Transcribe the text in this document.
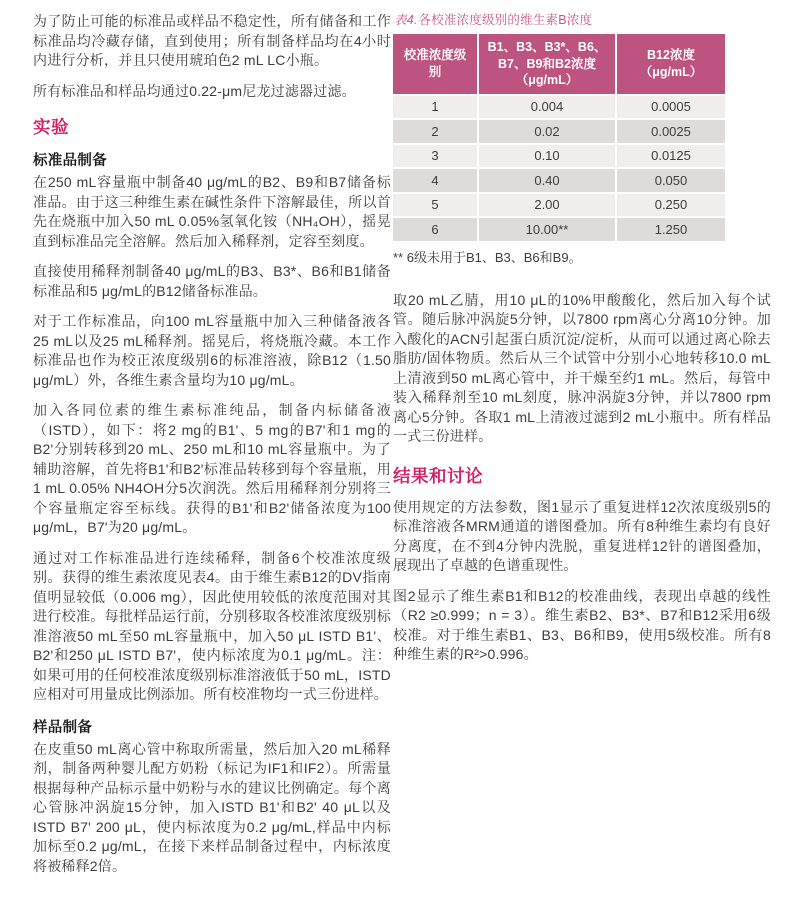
为了防止可能的标准品或样品不稳定性，所有储备和工作标准品均冷藏存储，直到使用；所有制备样品均在4小时内进行分析，并且只使用琥珀色2 mL LC小瓶。

所有标准品和样品均通过0.22-μm尼龙过滤器过滤。

实验
标准品制备

在250 mL容量瓶中制备40 μg/mL的B2、B9和B7储备标准品。由于这三种维生素在碱性条件下溶解最佳，所以首先在烧瓶中加入50 mL 0.05%氢氧化铵（NH₄OH），摇晃直到标准品完全溶解。然后加入稀释剂，定容至刻度。

直接使用稀释剂制备40 μg/mL的B3、B3*、B6和B1储备标准品和5 μg/mL的B12储备标准品。

对于工作标准品，向100 mL容量瓶中加入三种储备液各25 mL以及25 mL稀释剂。摇晃后，将烧瓶冷藏。本工作标准品也作为校正浓度级别6的标准溶液，除B12（1.50 μg/mL）外，各维生素含量均为10 μg/mL。

加入各同位素的维生素标准纯品，制备内标储备液（ISTD），如下：将2 mg的B1'、5 mg的B7'和1 mg的B2'分别转移到20 mL、250 mL和10 mL容量瓶中。为了辅助溶解，首先将B1'和B2'标准品转移到每个容量瓶，用1 mL 0.05% NH4OH分5次润洗。然后用稀释剂分别将三个容量瓶定容至标线。获得的B1'和B2'储备浓度为100 μg/mL，B7'为20 μg/mL。

通过对工作标准品进行连续稀释，制备6个校准浓度级别。获得的维生素浓度见表4。由于维生素B12的DV指南值明显较低（0.006 mg），因此使用较低的浓度范围对其进行校准。每批样品运行前，分别移取各校准浓度级别标准溶液50 mL至50 mL容量瓶中，加入50 μL ISTD B1'、B2'和250 μL ISTD B7'，使内标浓度为0.1 μg/mL。注：如果可用的任何校准浓度级别标准溶液低于50 mL，ISTD应相对可用量成比例添加。所有校准物均一式三份进样。

样品制备

在皮重50 mL离心管中称取所需量，然后加入20 mL稀释剂，制备两种婴儿配方奶粉（标记为IF1和IF2）。所需量根据每种产品标示量中奶粉与水的建议比例确定。每个离心管脉冲涡旋15分钟，加入ISTD B1'和B2' 40 μL以及ISTD B7' 200 μL，使内标浓度为0.2 μg/mL,样品中内标加标至0.2 μg/mL，在接下来样品制备过程中，内标浓度将被稀释2倍。

表4.各校准浓度级别的维生素B浓度
校准浓度级别	B1、B3、B3*、B6、B7、B9和B2浓度（μg/mL）	B12浓度（μg/mL）
1	0.004	0.0005
2	0.02	0.0025
3	0.10	0.0125
4	0.40	0.050
5	2.00	0.250
6	10.00**	1.250

** 6级未用于B1、B3、B6和B9。

取20 mL乙腈，用10 μL的10%甲酸酸化，然后加入每个试管。随后脉冲涡旋5分钟，以7800 rpm离心分离10分钟。加入酸化的ACN引起蛋白质沉淀/淀析，从而可以通过离心除去脂肪/固体物质。然后从三个试管中分别小心地转移10.0 mL上清液到50 mL离心管中，并干燥至约1 mL。然后，每管中装入稀释剂至10 mL刻度，脉冲涡旋3分钟，并以7800 rpm离心5分钟。各取1 mL上清液过滤到2 mL小瓶中。所有样品一式三份进样。

结果和讨论

使用规定的方法参数，图1显示了重复进样12次浓度级别5的标准溶液各MRM通道的谱图叠加。所有8种维生素均有良好分离度，在不到4分钟内洗脱，重复进样12针的谱图叠加，展现出了卓越的色谱重现性。

图2显示了维生素B1和B12的校准曲线，表现出卓越的线性（R2 ≥0.999；n = 3）。维生素B2、B3*、B7和B12采用6级校准。对于维生素B1、B3、B6和B9，使用5级校准。所有8种维生素的R²>0.996。
